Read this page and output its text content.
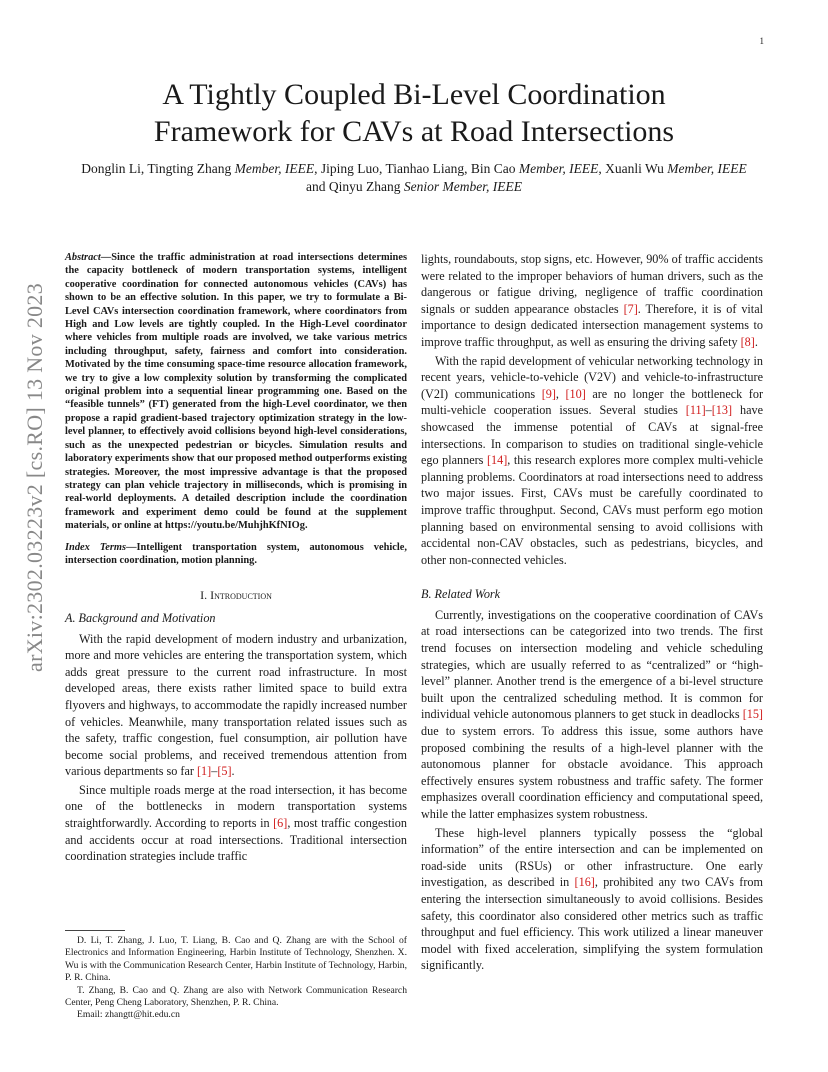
1
arXiv:2302.03223v2 [cs.RO] 13 Nov 2023
A Tightly Coupled Bi-Level Coordination
Framework for CAVs at Road Intersections

Donglin Li, Tingting Zhang Member, IEEE, Jiping Luo, Tianhao Liang, Bin Cao Member, IEEE, Xuanli Wu Member, IEEE and Qinyu Zhang Senior Member, IEEE

Abstract—Since the traffic administration at road intersections determines the capacity bottleneck of modern transportation systems, intelligent cooperative coordination for connected autonomous vehicles (CAVs) has shown to be an effective solution. In this paper, we try to formulate a Bi-Level CAVs intersection coordination framework, where coordinators from High and Low levels are tightly coupled. In the High-Level coordinator where vehicles from multiple roads are involved, we take various metrics including throughput, safety, fairness and comfort into consideration. Motivated by the time consuming space-time resource allocation framework, we try to give a low complexity solution by transforming the complicated original problem into a sequential linear programming one. Based on the “feasible tunnels” (FT) generated from the high-Level coordinator, we then propose a rapid gradient-based trajectory optimization strategy in the low-level planner, to effectively avoid collisions beyond high-level considerations, such as the unexpected pedestrian or bicycles. Simulation results and laboratory experiments show that our proposed method outperforms existing strategies. Moreover, the most impressive advantage is that the proposed strategy can plan vehicle trajectory in milliseconds, which is promising in real-world deployments. A detailed description include the coordination framework and experiment demo could be found at the supplement materials, or online at https://youtu.be/MuhjhKfNIOg.

Index Terms—Intelligent transportation system, autonomous vehicle, intersection coordination, motion planning.

I. Introduction
A. Background and Motivation

With the rapid development of modern industry and urbanization, more and more vehicles are entering the transportation system, which adds great pressure to the current road infrastructure. In most developed areas, there exists rather limited space to build extra flyovers and highways, to accommodate the rapidly increased number of vehicles. Meanwhile, many transportation related issues such as the safety, traffic congestion, fuel consumption, air pollution have become social problems, and received tremendous attention from various departments so far [1]–[5].

Since multiple roads merge at the road intersection, it has become one of the bottlenecks in modern transportation systems straightforwardly. According to reports in [6], most traffic congestion and accidents occur at road intersections. Traditional intersection coordination strategies include traffic

D. Li, T. Zhang, J. Luo, T. Liang, B. Cao and Q. Zhang are with the School of Electronics and Information Engineering, Harbin Institute of Technology, Shenzhen. X. Wu is with the Communication Research Center, Harbin Institute of Technology, Harbin, P. R. China.

T. Zhang, B. Cao and Q. Zhang are also with Network Communication Research Center, Peng Cheng Laboratory, Shenzhen, P. R. China.

Email: zhangtt@hit.edu.cn

lights, roundabouts, stop signs, etc. However, 90% of traffic accidents were related to the improper behaviors of human drivers, such as the dangerous or fatigue driving, negligence of traffic coordination signals or sudden appearance obstacles [7]. Therefore, it is of vital importance to design dedicated intersection management systems to improve traffic throughput, as well as ensuring the driving safety [8].

With the rapid development of vehicular networking technology in recent years, vehicle-to-vehicle (V2V) and vehicle-to-infrastructure (V2I) communications [9], [10] are no longer the bottleneck for multi-vehicle cooperation issues. Several studies [11]–[13] have showcased the immense potential of CAVs at signal-free intersections. In comparison to studies on traditional single-vehicle ego planners [14], this research explores more complex multi-vehicle planning problems. Coordinators at road intersections need to address two major issues. First, CAVs must be carefully coordinated to improve traffic throughput. Second, CAVs must perform ego motion planning based on environmental sensing to avoid collisions with accidental non-CAV obstacles, such as pedestrians, bicycles, and other non-connected vehicles.

B. Related Work

Currently, investigations on the cooperative coordination of CAVs at road intersections can be categorized into two trends. The first trend focuses on intersection modeling and vehicle scheduling strategies, which are usually referred to as “centralized” or “high-level” planner. Another trend is the emergence of a bi-level structure built upon the centralized scheduling method. It is common for individual vehicle autonomous planners to get stuck in deadlocks [15] due to system errors. To address this issue, some authors have proposed combining the results of a high-level planner with the autonomous planner for obstacle avoidance. This approach effectively ensures system robustness and traffic safety. The former emphasizes overall coordination efficiency and computational speed, while the latter emphasizes system robustness.

These high-level planners typically possess the “global information” of the entire intersection and can be implemented on road-side units (RSUs) or other infrastructure. One early investigation, as described in [16], prohibited any two CAVs from entering the intersection simultaneously to avoid collisions. Besides safety, this coordinator also considered other metrics such as traffic throughput and fuel efficiency. This work utilized a linear maneuver model with fixed acceleration, simplifying the system formulation significantly.
